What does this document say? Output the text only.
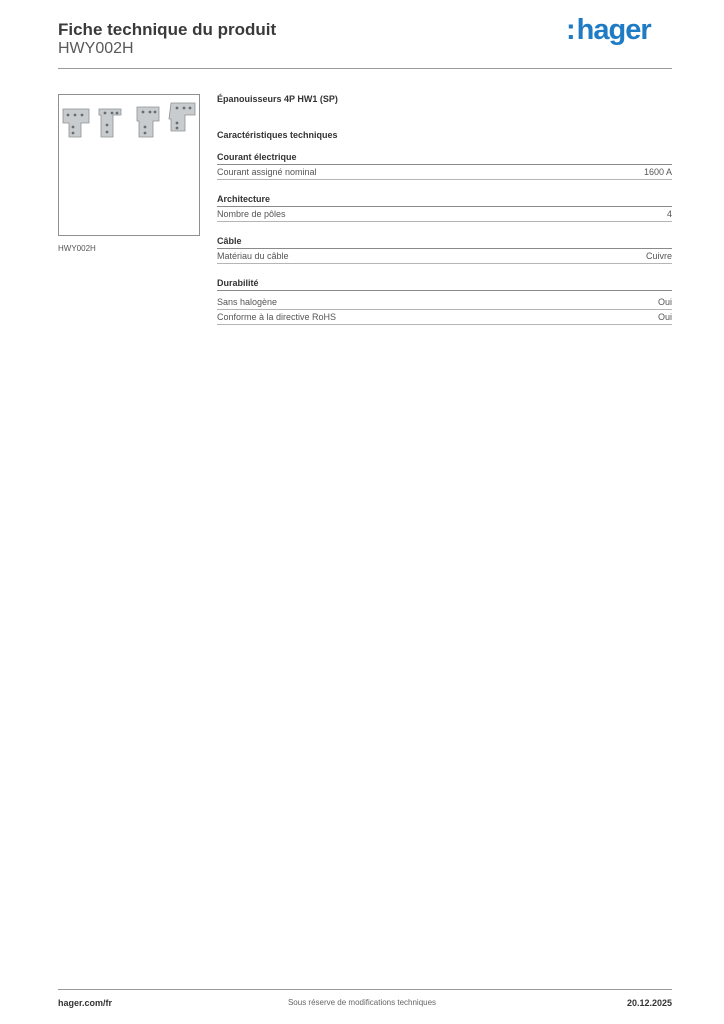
Fiche technique du produit
HWY002H
:hager
HWY002H
Épanouisseurs 4P HW1 (SP)
Caractéristiques techniques
Courant électrique
Courant assigné nominal	1600 A
Architecture
Nombre de pôles	4
Câble
Matériau du câble	Cuivre
Durabilité
Sans halogène	Oui
Conforme à la directive RoHS	Oui
hager.com/fr	Sous réserve de modifications techniques	20.12.2025
